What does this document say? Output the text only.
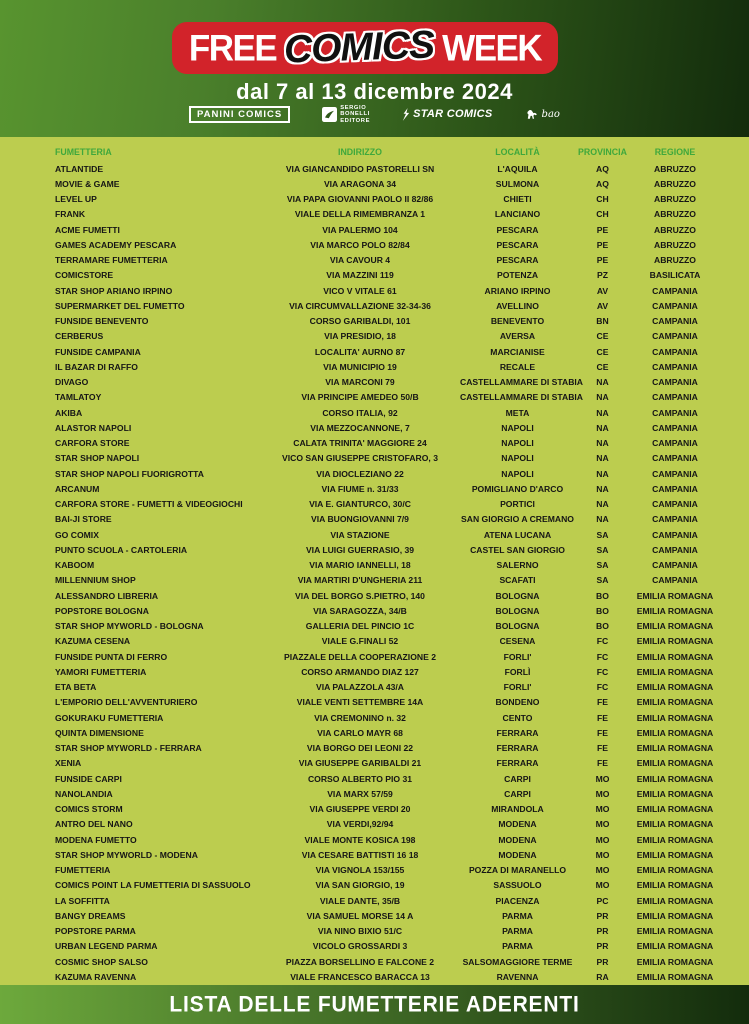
FREE COMICS WEEK
dal 7 al 13 dicembre 2024
PANINI COMICS
SERGIO
BONELLI
EDITORE
STAR COMICS	bao
FUMETTERIA	INDIRIZZO	LOCALITÀ	PROVINCIA	REGIONE
ATLANTIDE	VIA GIANCANDIDO PASTORELLI SN	L'AQUILA	AQ	ABRUZZO
MOVIE & GAME	VIA ARAGONA 34	SULMONA	AQ	ABRUZZO
LEVEL UP	VIA PAPA GIOVANNI PAOLO II 82/86	CHIETI	CH	ABRUZZO
FRANK	VIALE DELLA RIMEMBRANZA 1	LANCIANO	CH	ABRUZZO
ACME FUMETTI	VIA PALERMO 104	PESCARA	PE	ABRUZZO
GAMES ACADEMY PESCARA	VIA MARCO POLO 82/84	PESCARA	PE	ABRUZZO
TERRAMARE FUMETTERIA	VIA CAVOUR 4	PESCARA	PE	ABRUZZO
COMICSTORE	VIA MAZZINI 119	POTENZA	PZ	BASILICATA
STAR SHOP ARIANO IRPINO	VICO V VITALE 61	ARIANO IRPINO	AV	CAMPANIA
SUPERMARKET DEL FUMETTO	VIA CIRCUMVALLAZIONE 32-34-36	AVELLINO	AV	CAMPANIA
FUNSIDE BENEVENTO	CORSO GARIBALDI, 101	BENEVENTO	BN	CAMPANIA
CERBERUS	VIA PRESIDIO, 18	AVERSA	CE	CAMPANIA
FUNSIDE CAMPANIA	LOCALITA' AURNO 87	MARCIANISE	CE	CAMPANIA
IL BAZAR DI RAFFO	VIA MUNICIPIO 19	RECALE	CE	CAMPANIA
DIVAGO	VIA MARCONI 79	CASTELLAMMARE DI STABIA	NA	CAMPANIA
TAMLATOY	VIA PRINCIPE AMEDEO 50/B	CASTELLAMMARE DI STABIA	NA	CAMPANIA
AKIBA	CORSO ITALIA, 92	META	NA	CAMPANIA
ALASTOR NAPOLI	VIA MEZZOCANNONE, 7	NAPOLI	NA	CAMPANIA
CARFORA STORE	CALATA TRINITA' MAGGIORE 24	NAPOLI	NA	CAMPANIA
STAR SHOP NAPOLI	VICO SAN GIUSEPPE CRISTOFARO, 3	NAPOLI	NA	CAMPANIA
STAR SHOP NAPOLI FUORIGROTTA	VIA DIOCLEZIANO 22	NAPOLI	NA	CAMPANIA
ARCANUM	VIA FIUME n. 31/33	POMIGLIANO D'ARCO	NA	CAMPANIA
CARFORA STORE - FUMETTI & VIDEOGIOCHI	VIA E. GIANTURCO, 30/C	PORTICI	NA	CAMPANIA
BAI-JI STORE	VIA BUONGIOVANNI 7/9	SAN GIORGIO A CREMANO	NA	CAMPANIA
GO COMIX	VIA STAZIONE	ATENA LUCANA	SA	CAMPANIA
PUNTO SCUOLA - CARTOLERIA	VIA LUIGI GUERRASIO, 39	CASTEL SAN GIORGIO	SA	CAMPANIA
KABOOM	VIA MARIO IANNELLI, 18	SALERNO	SA	CAMPANIA
MILLENNIUM SHOP	VIA MARTIRI D'UNGHERIA 211	SCAFATI	SA	CAMPANIA
ALESSANDRO LIBRERIA	VIA DEL BORGO S.PIETRO, 140	BOLOGNA	BO	EMILIA ROMAGNA
POPSTORE BOLOGNA	VIA SARAGOZZA, 34/B	BOLOGNA	BO	EMILIA ROMAGNA
STAR SHOP MYWORLD - BOLOGNA	GALLERIA DEL PINCIO 1C	BOLOGNA	BO	EMILIA ROMAGNA
KAZUMA CESENA	VIALE G.FINALI 52	CESENA	FC	EMILIA ROMAGNA
FUNSIDE PUNTA DI FERRO	PIAZZALE DELLA COOPERAZIONE 2	FORLI'	FC	EMILIA ROMAGNA
YAMORI FUMETTERIA	CORSO ARMANDO DIAZ 127	FORLÌ	FC	EMILIA ROMAGNA
ETA BETA	VIA PALAZZOLA 43/A	FORLI'	FC	EMILIA ROMAGNA
L'EMPORIO DELL'AVVENTURIERO	VIALE VENTI SETTEMBRE 14A	BONDENO	FE	EMILIA ROMAGNA
GOKURAKU FUMETTERIA	VIA CREMONINO n. 32	CENTO	FE	EMILIA ROMAGNA
QUINTA DIMENSIONE	VIA CARLO MAYR 68	FERRARA	FE	EMILIA ROMAGNA
STAR SHOP MYWORLD - FERRARA	VIA BORGO DEI LEONI 22	FERRARA	FE	EMILIA ROMAGNA
XENIA	VIA GIUSEPPE GARIBALDI 21	FERRARA	FE	EMILIA ROMAGNA
FUNSIDE CARPI	CORSO ALBERTO PIO 31	CARPI	MO	EMILIA ROMAGNA
NANOLANDIA	VIA MARX 57/59	CARPI	MO	EMILIA ROMAGNA
COMICS STORM	VIA GIUSEPPE VERDI 20	MIRANDOLA	MO	EMILIA ROMAGNA
ANTRO DEL NANO	VIA VERDI,92/94	MODENA	MO	EMILIA ROMAGNA
MODENA FUMETTO	VIALE MONTE KOSICA 198	MODENA	MO	EMILIA ROMAGNA
STAR SHOP MYWORLD - MODENA	VIA CESARE BATTISTI 16 18	MODENA	MO	EMILIA ROMAGNA
FUMETTERIA	VIA VIGNOLA 153/155	POZZA DI MARANELLO	MO	EMILIA ROMAGNA
COMICS POINT LA FUMETTERIA DI SASSUOLO	VIA SAN GIORGIO, 19	SASSUOLO	MO	EMILIA ROMAGNA
LA SOFFITTA	VIALE DANTE, 35/B	PIACENZA	PC	EMILIA ROMAGNA
BANGY DREAMS	VIA SAMUEL MORSE 14 A	PARMA	PR	EMILIA ROMAGNA
POPSTORE PARMA	VIA NINO BIXIO 51/C	PARMA	PR	EMILIA ROMAGNA
URBAN LEGEND PARMA	VICOLO GROSSARDI 3	PARMA	PR	EMILIA ROMAGNA
COSMIC SHOP SALSO	PIAZZA BORSELLINO E FALCONE 2	SALSOMAGGIORE TERME	PR	EMILIA ROMAGNA
KAZUMA RAVENNA	VIALE FRANCESCO BARACCA 13	RAVENNA	RA	EMILIA ROMAGNA
LISTA DELLE FUMETTERIE ADERENTI
